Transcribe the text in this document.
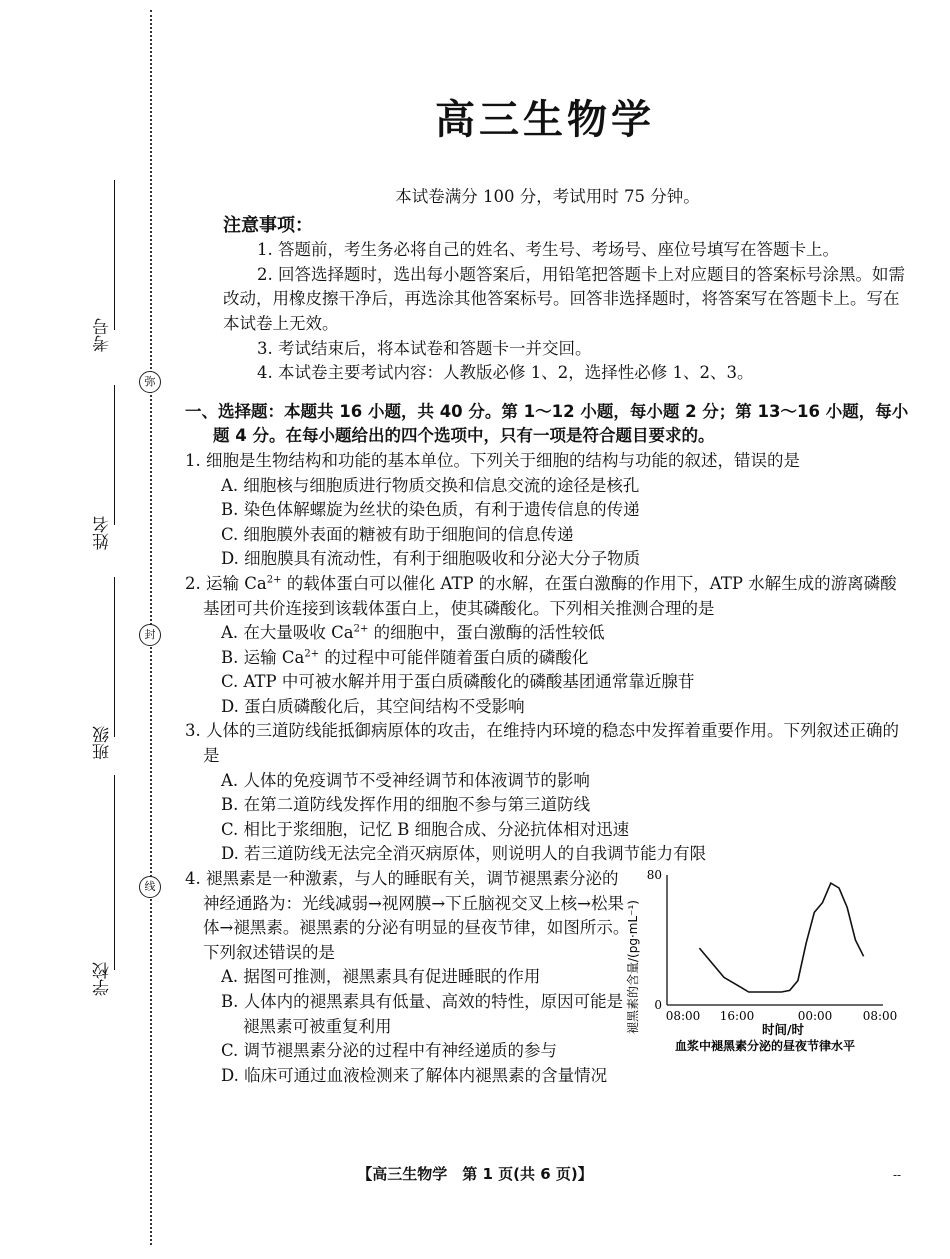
考号
姓名
班级
学校
弥
封
线
高三生物学
本试卷满分 100 分，考试用时 75 分钟。
注意事项：
1. 答题前，考生务必将自己的姓名、考生号、考场号、座位号填写在答题卡上。
2. 回答选择题时，选出每小题答案后，用铅笔把答题卡上对应题目的答案标号涂黑。如需改动，用橡皮擦干净后，再选涂其他答案标号。回答非选择题时，将答案写在答题卡上。写在本试卷上无效。
3. 考试结束后，将本试卷和答题卡一并交回。
4. 本试卷主要考试内容：人教版必修 1、2，选择性必修 1、2、3。
一、选择题：本题共 16 小题，共 40 分。第 1～12 小题，每小题 2 分；第 13～16 小题，每小题 4 分。在每小题给出的四个选项中，只有一项是符合题目要求的。
1. 细胞是生物结构和功能的基本单位。下列关于细胞的结构与功能的叙述，错误的是
A. 细胞核与细胞质进行物质交换和信息交流的途径是核孔
B. 染色体解螺旋为丝状的染色质，有利于遗传信息的传递
C. 细胞膜外表面的糖被有助于细胞间的信息传递
D. 细胞膜具有流动性，有利于细胞吸收和分泌大分子物质
2. 运输 $Ca^{2+}$ 的载体蛋白可以催化 ATP 的水解，在蛋白激酶的作用下，ATP 水解生成的游离磷酸基团可共价连接到该载体蛋白上，使其磷酸化。下列相关推测合理的是
A. 在大量吸收 $Ca^{2+}$ 的细胞中，蛋白激酶的活性较低
B. 运输 $Ca^{2+}$ 的过程中可能伴随着蛋白质的磷酸化
C. ATP 中可被水解并用于蛋白质磷酸化的磷酸基团通常靠近腺苷
D. 蛋白质磷酸化后，其空间结构不受影响
3. 人体的三道防线能抵御病原体的攻击，在维持内环境的稳态中发挥着重要作用。下列叙述正确的是
A. 人体的免疫调节不受神经调节和体液调节的影响
B. 在第二道防线发挥作用的细胞不参与第三道防线
C. 相比于浆细胞，记忆 B 细胞合成、分泌抗体相对迅速
D. 若三道防线无法完全消灭病原体，则说明人的自我调节能力有限
4. 褪黑素是一种激素，与人的睡眠有关，调节褪黑素分泌的神经通路为：光线减弱→视网膜→下丘脑视交叉上核→松果体→褪黑素。褪黑素的分泌有明显的昼夜节律，如图所示。下列叙述错误的是
A. 据图可推测，褪黑素具有促进睡眠的作用
B. 人体内的褪黑素具有低量、高效的特性，原因可能是
褪黑素可被重复利用
C. 调节褪黑素分泌的过程中有神经递质的参与
D. 临床可通过血液检测来了解体内褪黑素的含量情况
褪黑素的含量/(pg·mL⁻¹)
80
0
08:00 16:00	00:00	08:00
时间/时
血浆中褪黑素分泌的昼夜节律水平
【高三生物学　第 1 页(共 6 页)】	--
